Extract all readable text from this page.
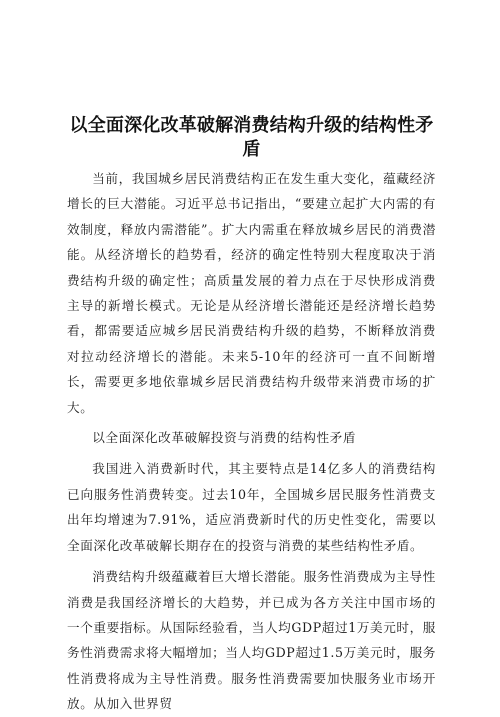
以全面深化改革破解消费结构升级的结构性矛盾

当前，我国城乡居民消费结构正在发生重大变化，蕴藏经济增长的巨大潜能。习近平总书记指出，“要建立起扩大内需的有效制度，释放内需潜能”。扩大内需重在释放城乡居民的消费潜能。从经济增长的趋势看，经济的确定性特别大程度取决于消费结构升级的确定性；高质量发展的着力点在于尽快形成消费主导的新增长模式。无论是从经济增长潜能还是经济增长趋势看，都需要适应城乡居民消费结构升级的趋势，不断释放消费对拉动经济增长的潜能。未来5-10年的经济可一直不间断增长，需要更多地依靠城乡居民消费结构升级带来消费市场的扩大。

以全面深化改革破解投资与消费的结构性矛盾

我国进入消费新时代，其主要特点是14亿多人的消费结构已向服务性消费转变。过去10年，全国城乡居民服务性消费支出年均增速为7.91%，适应消费新时代的历史性变化，需要以全面深化改革破解长期存在的投资与消费的某些结构性矛盾。

消费结构升级蕴藏着巨大增长潜能。服务性消费成为主导性消费是我国经济增长的大趋势，并已成为各方关注中国市场的一个重要指标。从国际经验看，当人均GDP超过1万美元时，服务性消费需求将大幅增加；当人均GDP超过1.5万美元时，服务性消费将成为主导性消费。服务性消费需要加快服务业市场开放。从加入世界贸
